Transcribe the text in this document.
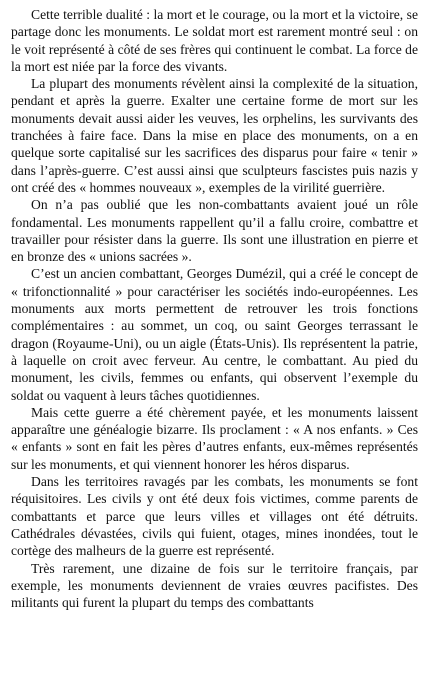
Cette terrible dualité : la mort et le courage, ou la mort et la victoire, se partage donc les monuments. Le soldat mort est rarement montré seul : on le voit représenté à côté de ses frères qui continuent le combat. La force de la mort est niée par la force des vivants.

La plupart des monuments révèlent ainsi la complexité de la situation, pendant et après la guerre. Exalter une certaine forme de mort sur les monuments devait aussi aider les veuves, les orphelins, les survivants des tranchées à faire face. Dans la mise en place des monuments, on a en quelque sorte capitalisé sur les sacrifices des disparus pour faire « tenir » dans l’après-guerre. C’est aussi ainsi que sculpteurs fascistes puis nazis y ont créé des « hommes nouveaux », exemples de la virilité guerrière.

On n’a pas oublié que les non-combattants avaient joué un rôle fondamental. Les monuments rappellent qu’il a fallu croire, combattre et travailler pour résister dans la guerre. Ils sont une illustration en pierre et en bronze des « unions sacrées ».

C’est un ancien combattant, Georges Dumézil, qui a créé le concept de « trifonctionnalité » pour caractériser les sociétés indo-européennes. Les monuments aux morts permettent de retrouver les trois fonctions complémentaires : au sommet, un coq, ou saint Georges terrassant le dragon (Royaume-Uni), ou un aigle (États-Unis). Ils représentent la patrie, à laquelle on croit avec ferveur. Au centre, le combattant. Au pied du monument, les civils, femmes ou enfants, qui observent l’exemple du soldat ou vaquent à leurs tâches quotidiennes.

Mais cette guerre a été chèrement payée, et les monuments laissent apparaître une généalogie bizarre. Ils proclament : « A nos enfants. » Ces « enfants » sont en fait les pères d’autres enfants, eux-mêmes représentés sur les monuments, et qui viennent honorer les héros disparus.

Dans les territoires ravagés par les combats, les monuments se font réquisitoires. Les civils y ont été deux fois victimes, comme parents de combattants et parce que leurs villes et villages ont été détruits. Cathédrales dévastées, civils qui fuient, otages, mines inondées, tout le cortège des malheurs de la guerre est représenté.

Très rarement, une dizaine de fois sur le territoire français, par exemple, les monuments deviennent de vraies œuvres pacifistes. Des militants qui furent la plupart du temps des combattants
